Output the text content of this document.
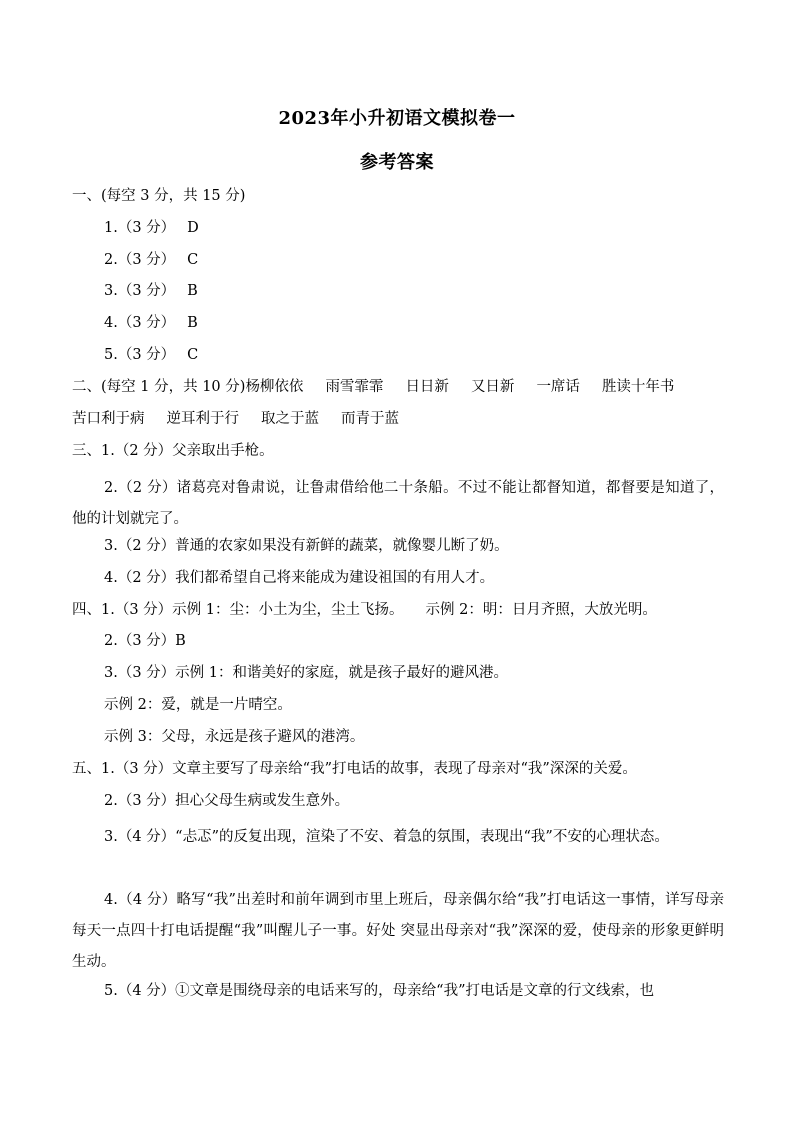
2023年小升初语文模拟卷一
参考答案
一、(每空 3 分，共 15 分)
1.（3 分） D
2.（3 分） C
3.（3 分） B
4.（3 分） B
5.（3 分） C
二、(每空 1 分，共 10 分)杨柳依依 雨雪霏霏 日日新 又日新 一席话 胜读十年书
苦口利于病 逆耳利于行 取之于蓝 而青于蓝
三、1.（2 分）父亲取出手枪。
2.（2 分）诸葛亮对鲁肃说，让鲁肃借给他二十条船。不过不能让都督知道，都督要是知道了，他的计划就完了。
3.（2 分）普通的农家如果没有新鲜的蔬菜，就像婴儿断了奶。
4.（2 分）我们都希望自己将来能成为建设祖国的有用人才。
四、1.（3 分）示例 1：尘：小土为尘，尘土飞扬。 示例 2：明：日月齐照，大放光明。
2.（3 分）B
3.（3 分）示例 1：和谐美好的家庭，就是孩子最好的避风港。
示例 2：爱，就是一片晴空。
示例 3：父母，永远是孩子避风的港湾。
五、1.（3 分）文章主要写了母亲给“我”打电话的故事，表现了母亲对“我”深深的关爱。
2.（3 分）担心父母生病或发生意外。
3.（4 分）“忐忑”的反复出现，渲染了不安、着急的氛围，表现出“我”不安的心理状态。
4.（4 分）略写“我”出差时和前年调到市里上班后，母亲偶尔给“我”打电话这一事情，详写母亲每天一点四十打电话提醒“我”叫醒儿子一事。好处 突显出母亲对“我”深深的爱，使母亲的形象更鲜明生动。
5.（4 分）①文章是围绕母亲的电话来写的，母亲给“我”打电话是文章的行文线索，也
